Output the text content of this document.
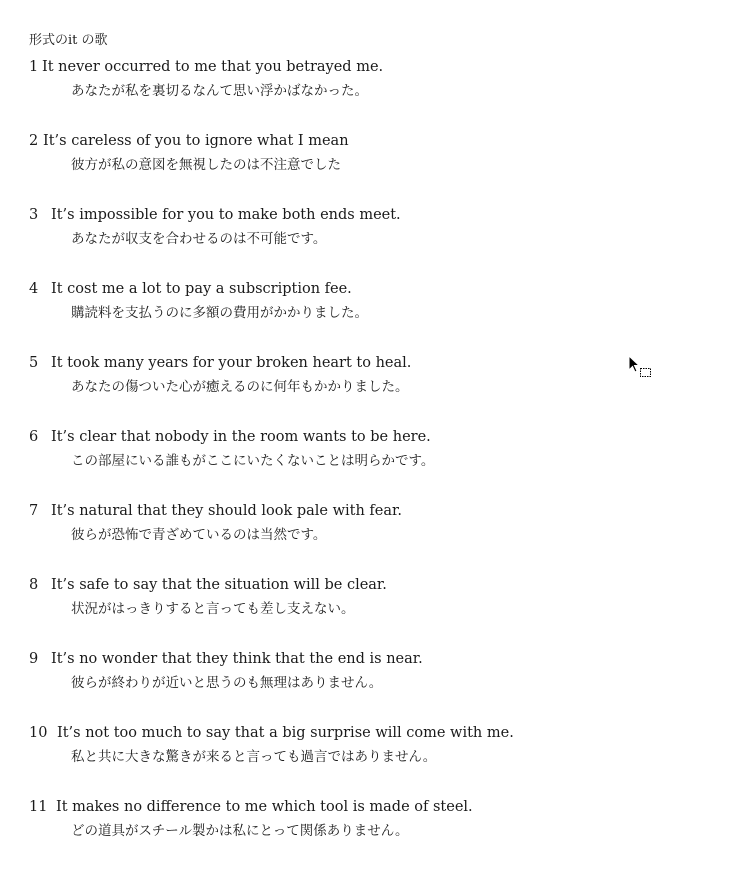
形式のit の歌
1 It never occurred to me that you betrayed me.
あなたが私を裏切るなんて思い浮かばなかった。
2 It’s careless of you to ignore what I mean
彼方が私の意図を無視したのは不注意でした
3 It’s impossible for you to make both ends meet.
あなたが収支を合わせるのは不可能です。
4 It cost me a lot to pay a subscription fee.
購読料を支払うのに多額の費用がかかりました。
5 It took many years for your broken heart to heal.
あなたの傷ついた心が癒えるのに何年もかかりました。
6 It’s clear that nobody in the room wants to be here.
この部屋にいる誰もがここにいたくないことは明らかです。
7 It’s natural that they should look pale with fear.
彼らが恐怖で青ざめているのは当然です。
8 It’s safe to say that the situation will be clear.
状況がはっきりすると言っても差し支えない。
9 It’s no wonder that they think that the end is near.
彼らが終わりが近いと思うのも無理はありません。
10 It’s not too much to say that a big surprise will come with me.
私と共に大きな驚きが来ると言っても過言ではありません。
11 It makes no difference to me which tool is made of steel.
どの道具がスチール製かは私にとって関係ありません。
